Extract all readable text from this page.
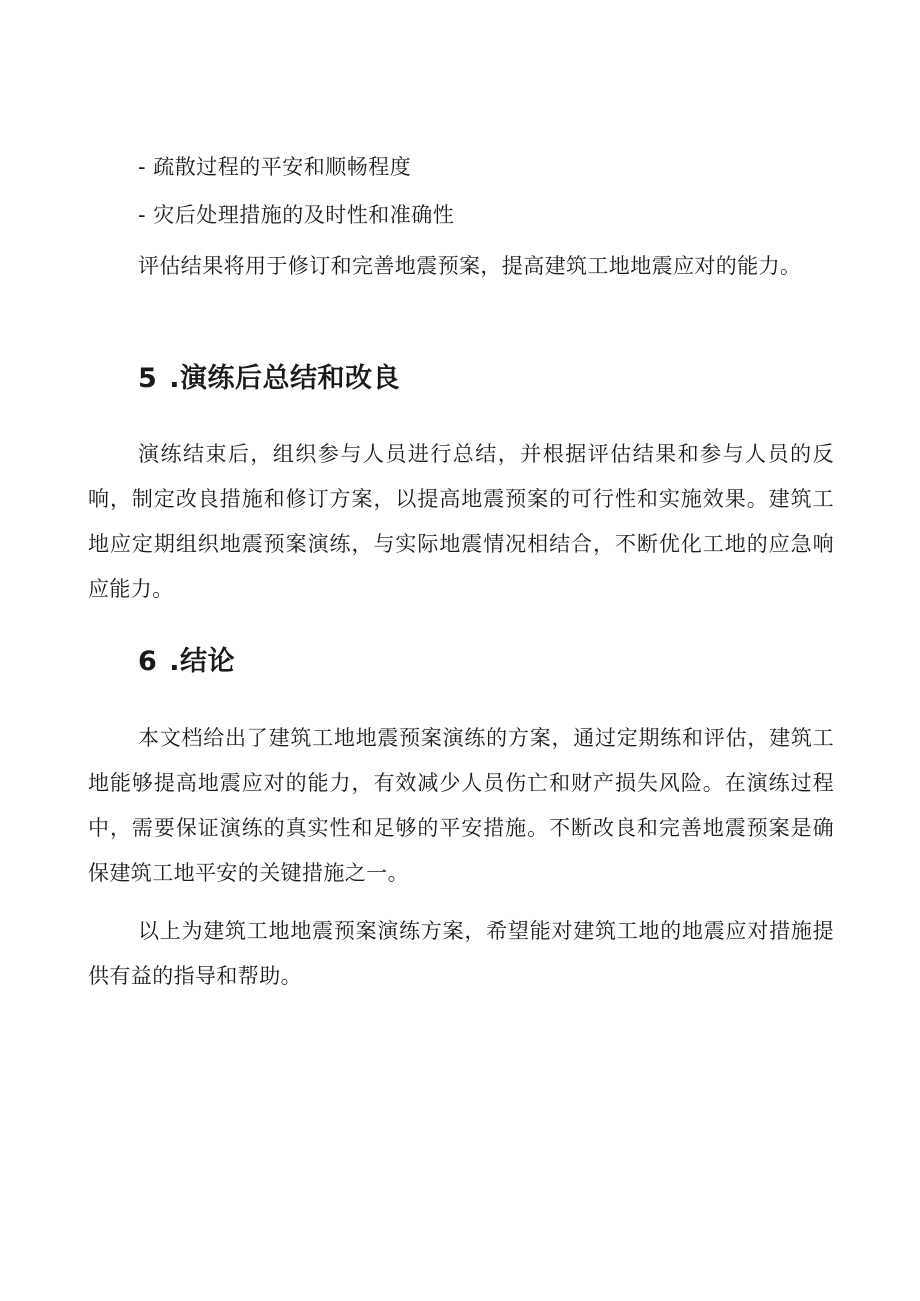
- 疏散过程的平安和顺畅程度
- 灾后处理措施的及时性和准确性
评估结果将用于修订和完善地震预案，提高建筑工地地震应对的能力。
5 .演练后总结和改良
演练结束后，组织参与人员进行总结，并根据评估结果和参与人员的反响，制定改良措施和修订方案，以提高地震预案的可行性和实施效果。建筑工地应定期组织地震预案演练，与实际地震情况相结合，不断优化工地的应急响应能力。
6 .结论
本文档给出了建筑工地地震预案演练的方案，通过定期练和评估，建筑工地能够提高地震应对的能力，有效减少人员伤亡和财产损失风险。在演练过程中，需要保证演练的真实性和足够的平安措施。不断改良和完善地震预案是确保建筑工地平安的关键措施之一。
以上为建筑工地地震预案演练方案，希望能对建筑工地的地震应对措施提供有益的指导和帮助。
